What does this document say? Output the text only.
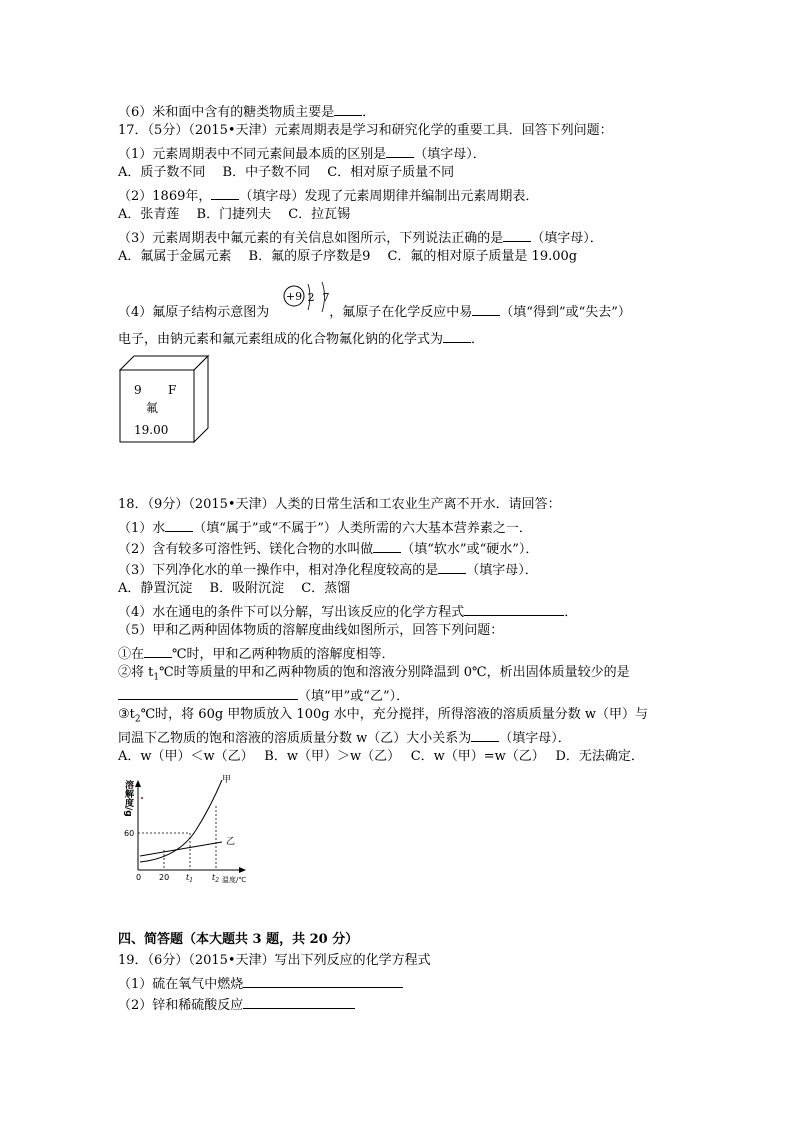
（6）米和面中含有的糖类物质主要是 ．
17．（5分）（2015•天津）元素周期表是学习和研究化学的重要工具．回答下列问题：
（1）元素周期表中不同元素间最本质的区别是 （填字母）．
A．质子数不同　 B．中子数不同　 C．相对原子质量不同
（2）1869年， （填字母）发现了元素周期律并编制出元素周期表．
A．张青莲　 B．门捷列夫　 C．拉瓦锡
（3）元素周期表中氟元素的有关信息如图所示，下列说法正确的是 （填字母）．
A．氟属于金属元素　 B．氟的原子序数是9　 C．氟的相对原子质量是 19.00g
（4）氟原子结构示意图为	，氟原子在化学反应中易 （填“得到”或“失去”）
+9 2 7
电子，由钠元素和氟元素组成的化合物氟化钠的化学式为 ．
9 F
氟
19.00
18．（9分）（2015•天津）人类的日常生活和工农业生产离不开水．请回答：
（1）水 （填“属于”或“不属于”）人类所需的六大基本营养素之一．
（2）含有较多可溶性钙、镁化合物的水叫做 （填“软水”或“硬水”）．
（3）下列净化水的单一操作中，相对净化程度较高的是 （填字母）．
A．静置沉淀　 B．吸附沉淀　 C．蒸馏
（4）水在通电的条件下可以分解，写出该反应的化学方程式	．
（5）甲和乙两种固体物质的溶解度曲线如图所示，回答下列问题：
①在 ℃时，甲和乙两种物质的溶解度相等．
②将 $t_1℃$时等质量的甲和乙两种物质的饱和溶液分别降温到 0℃，析出固体质量较少的是
（填“甲”或“乙”）．
$③t_2℃$时，将 60g 甲物质放入 100g 水中，充分搅拌，所得溶液的溶质质量分数 w（甲）与
同温下乙物质的饱和溶液的溶质质量分数 w（乙）大小关系为 （填字母）．
A．w（甲）＜w（乙）　 B．w（甲）＞w（乙）　 C．w（甲）=w（乙）　 D．无法确定．
溶解度/g	甲
乙
60
0 20 $t_1$ $t_2$ 温度/℃
四、简答题（本大题共 3 题，共 20 分）
19．（6分）（2015•天津）写出下列反应的化学方程式
（1）硫在氧气中燃烧
（2）锌和稀硫酸反应
